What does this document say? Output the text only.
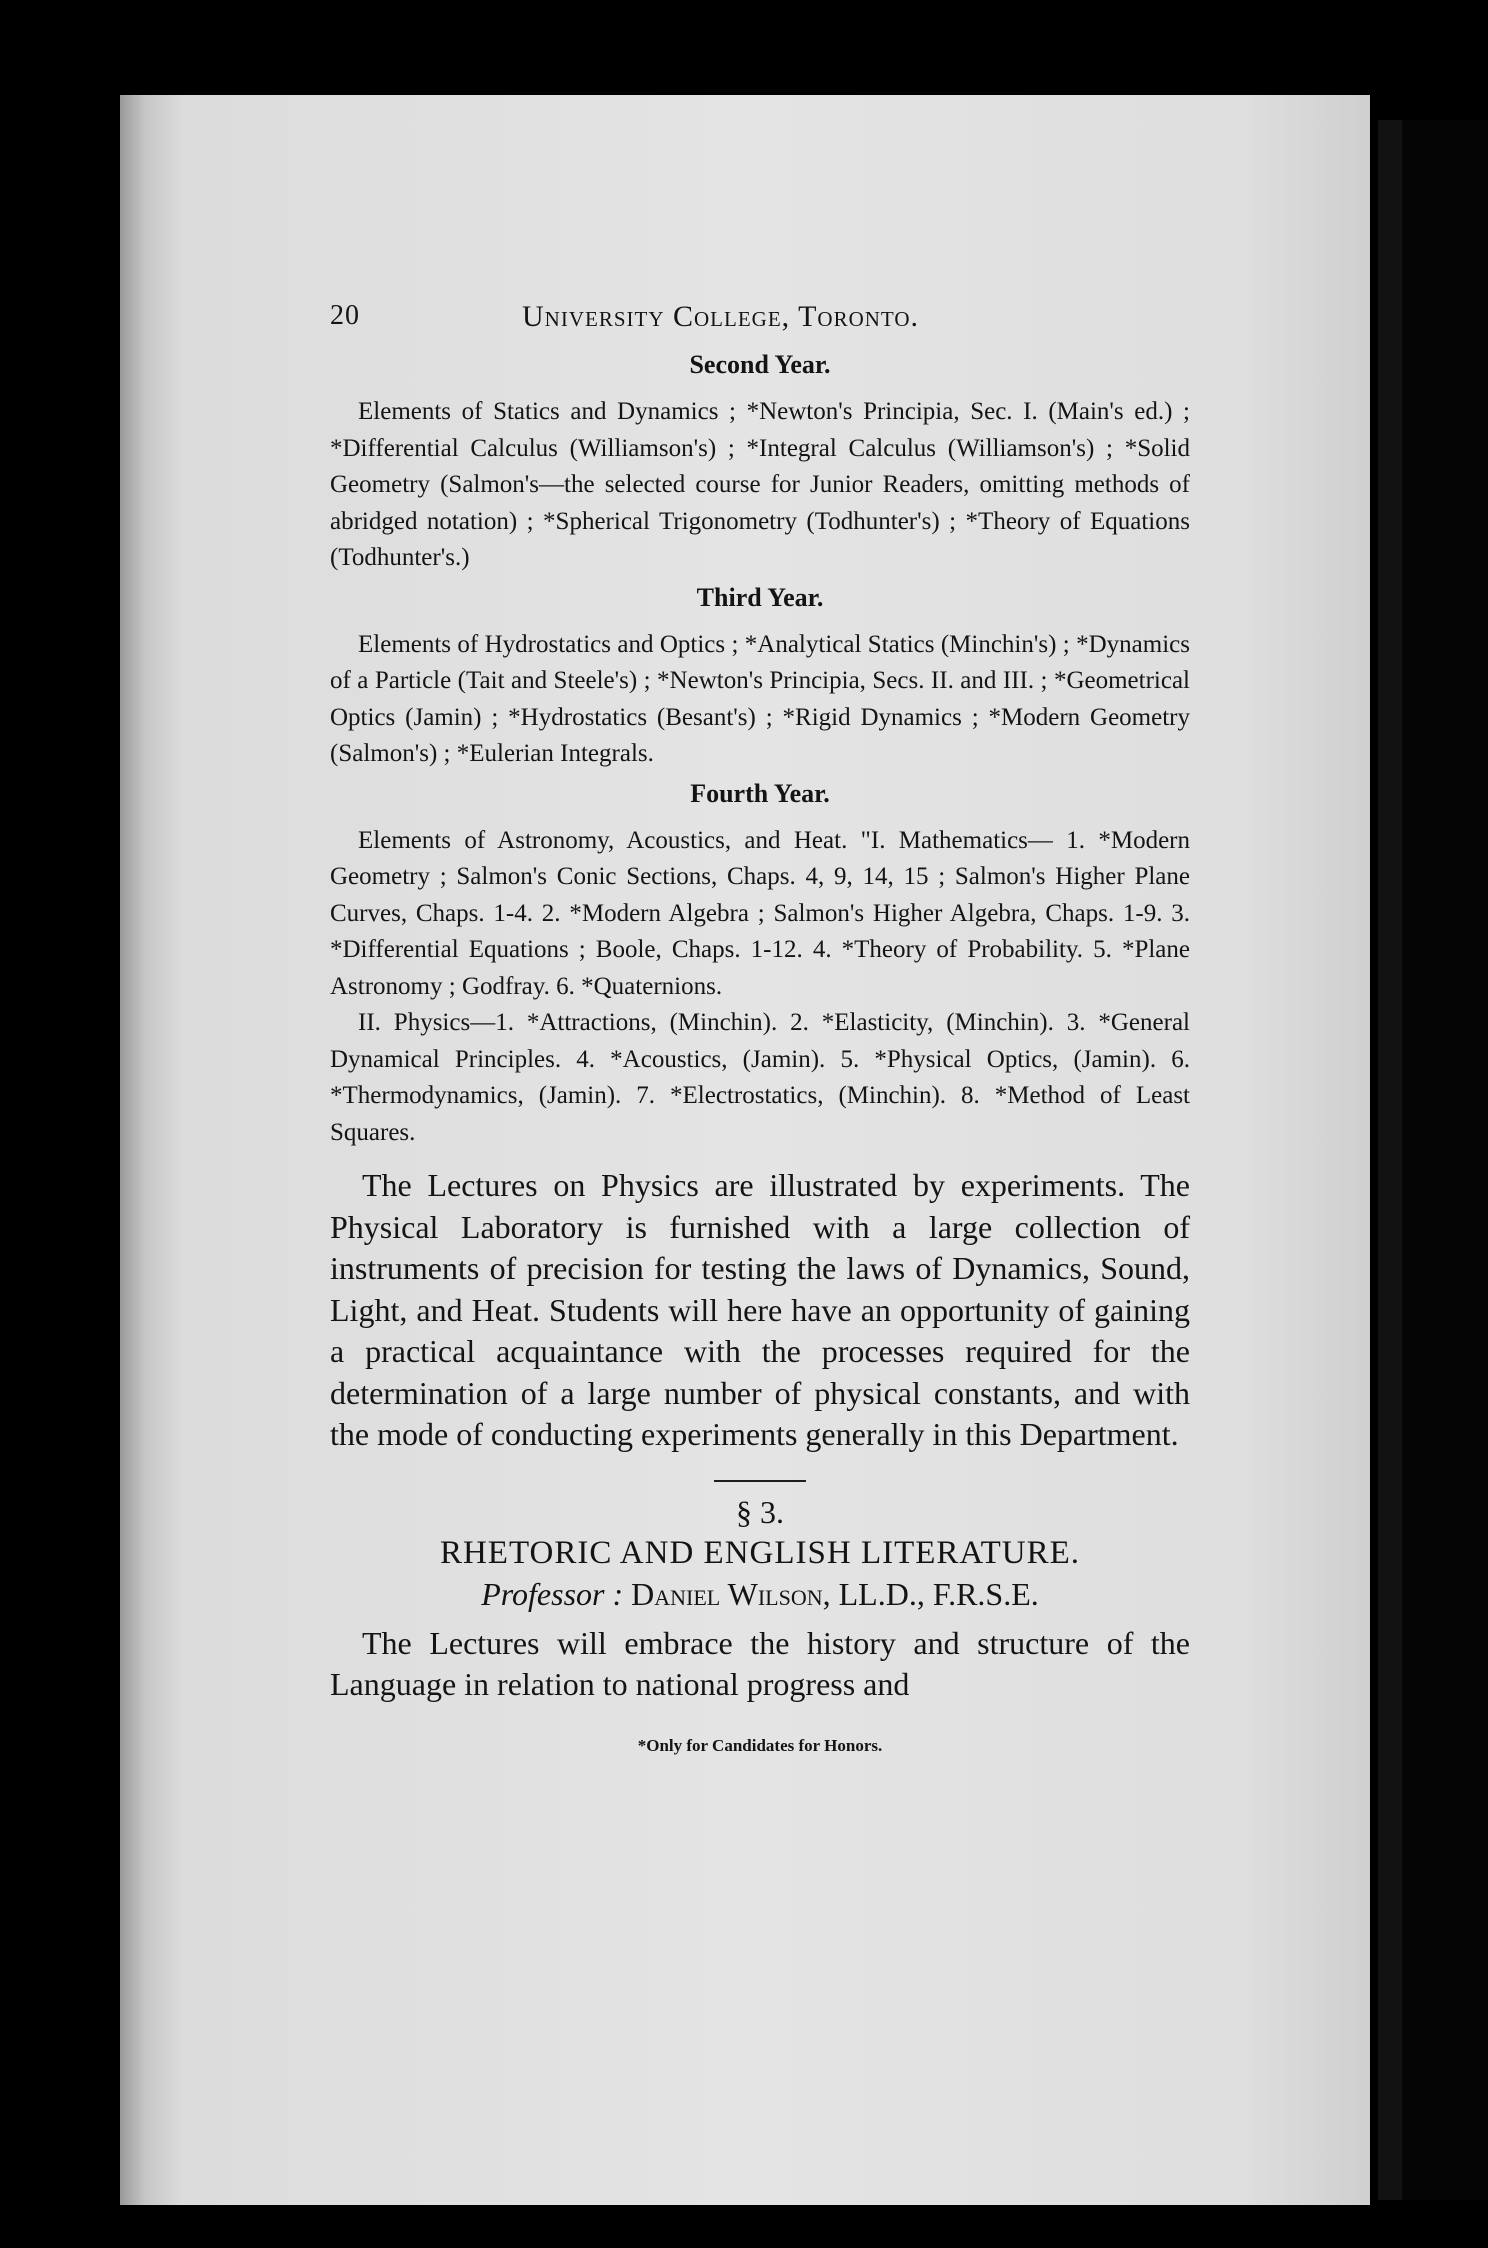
20	University College, Toronto.
Second Year.

Elements of Statics and Dynamics ; *Newton's Principia, Sec. I. (Main's ed.) ; *Differential Calculus (Williamson's) ; *Integral Calculus (Williamson's) ; *Solid Geometry (Salmon's—the selected course for Junior Readers, omitting methods of abridged notation) ; *Spherical Trigonometry (Todhunter's) ; *Theory of Equations (Todhunter's.)

Third Year.

Elements of Hydrostatics and Optics ; *Analytical Statics (Minchin's) ; *Dynamics of a Particle (Tait and Steele's) ; *Newton's Principia, Secs. II. and III. ; *Geometrical Optics (Jamin) ; *Hydrostatics (Besant's) ; *Rigid Dynamics ; *Modern Geometry (Salmon's) ; *Eulerian Integrals.

Fourth Year.

Elements of Astronomy, Acoustics, and Heat. "I. Mathematics— 1. *Modern Geometry ; Salmon's Conic Sections, Chaps. 4, 9, 14, 15 ; Salmon's Higher Plane Curves, Chaps. 1-4. 2. *Modern Algebra ; Salmon's Higher Algebra, Chaps. 1-9. 3. *Differential Equations ; Boole, Chaps. 1-12. 4. *Theory of Probability. 5. *Plane Astronomy ; Godfray. 6. *Quaternions.

II. Physics—1. *Attractions, (Minchin). 2. *Elasticity, (Minchin). 3. *General Dynamical Principles. 4. *Acoustics, (Jamin). 5. *Physical Optics, (Jamin). 6. *Thermodynamics, (Jamin). 7. *Electrostatics, (Minchin). 8. *Method of Least Squares.

The Lectures on Physics are illustrated by experiments. The Physical Laboratory is furnished with a large collection of instruments of precision for testing the laws of Dynamics, Sound, Light, and Heat. Students will here have an opportunity of gaining a practical acquaintance with the processes required for the determination of a large number of physical constants, and with the mode of conducting experiments generally in this Department.

§ 3.
RHETORIC AND ENGLISH LITERATURE.
Professor : Daniel Wilson, LL.D., F.R.S.E.

The Lectures will embrace the history and structure of the Language in relation to national progress and

*Only for Candidates for Honors.
